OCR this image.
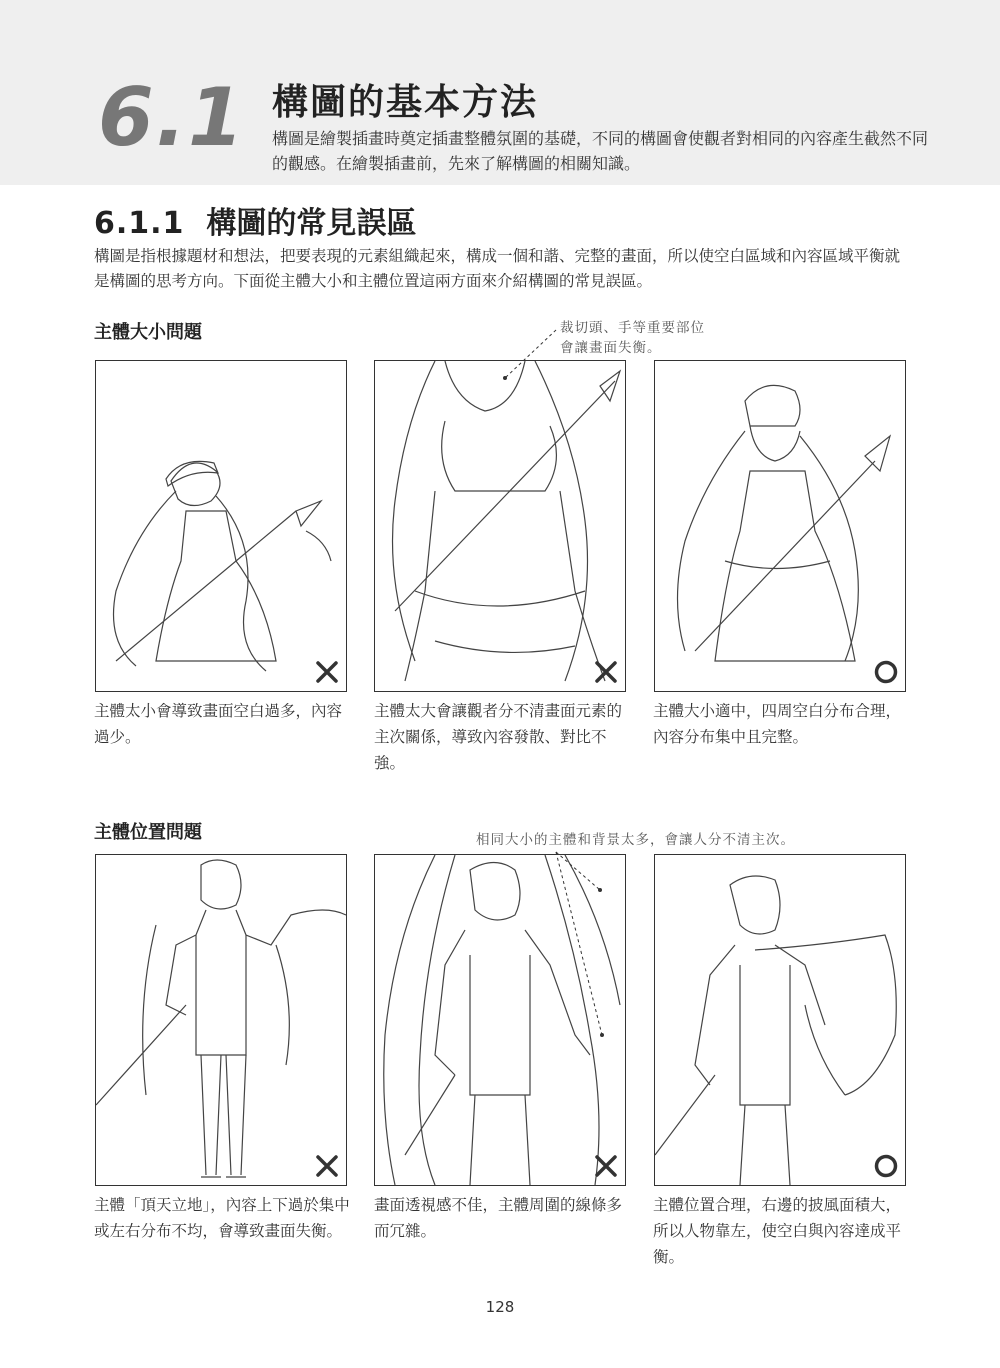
6.1 構圖的基本方法
構圖是繪製插畫時奠定插畫整體氛圍的基礎，不同的構圖會使觀者對相同的內容產生截然不同的觀感。在繪製插畫前，先來了解構圖的相關知識。
6.1.1 構圖的常見誤區
構圖是指根據題材和想法，把要表現的元素組織起來，構成一個和諧、完整的畫面，所以使空白區域和內容區域平衡就是構圖的思考方向。下面從主體大小和主體位置這兩方面來介紹構圖的常見誤區。
主體大小問題	裁切頭、手等重要部位
會讓畫面失衡。
主體太小會導致畫面空白過多，內容過少。
主體太大會讓觀者分不清畫面元素的主次關係，導致內容發散、對比不強。
主體大小適中，四周空白分布合理，內容分布集中且完整。
主體位置問題	相同大小的主體和背景太多，會讓人分不清主次。
主體「頂天立地」，內容上下過於集中或左右分布不均，會導致畫面失衡。
畫面透視感不佳，主體周圍的線條多而冗雜。
主體位置合理，右邊的披風面積大，所以人物靠左，使空白與內容達成平衡。
128
